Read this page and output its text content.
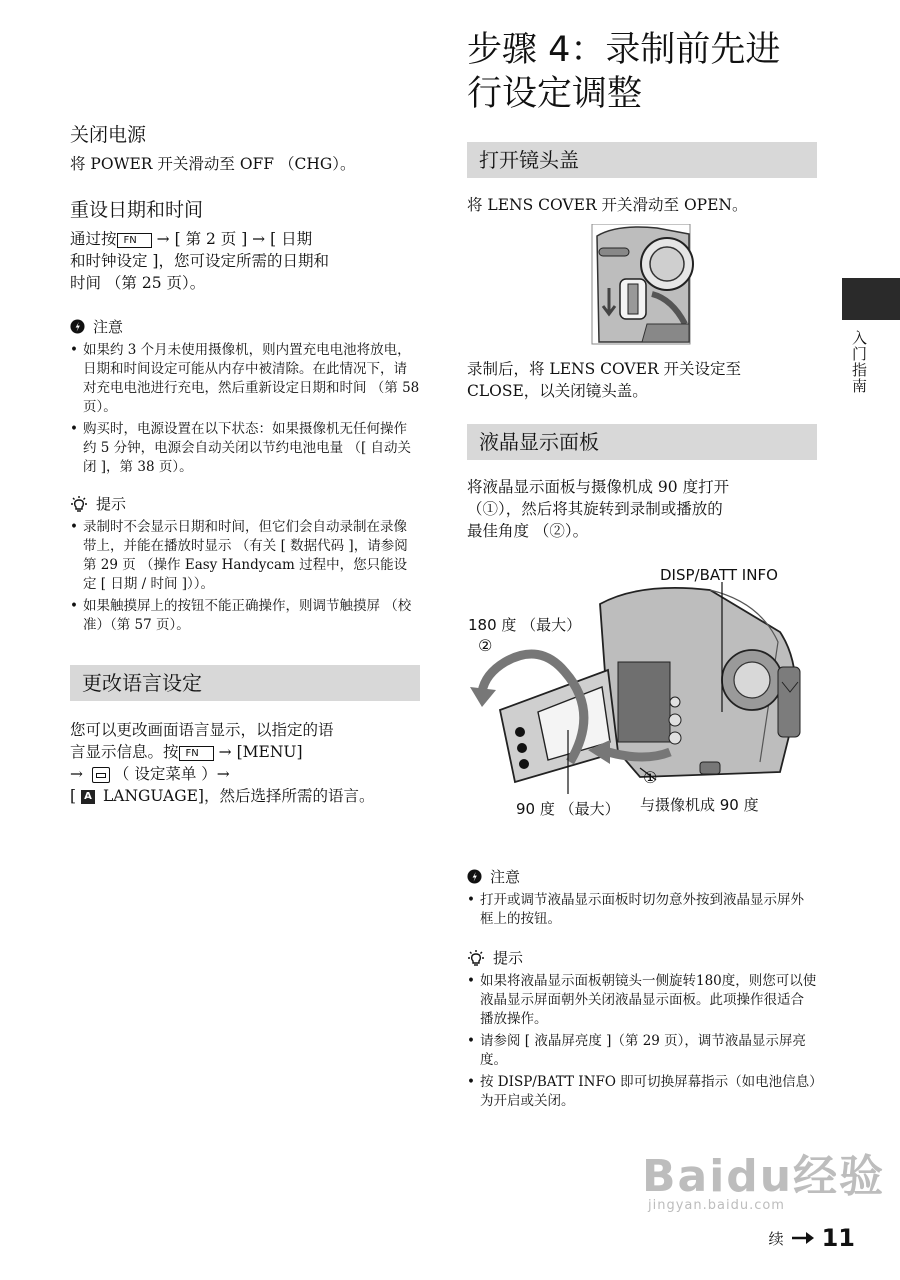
关闭电源

将 POWER 开关滑动至 OFF （CHG）。

重设日期和时间

通过按 FN → [ 第 2 页 ] → [ 日期
和时钟设定 ]，您可设定所需的日期和
时间 （第 25 页）。

注意
• 如果约 3 个月未使用摄像机，则内置充电电池将放电，日期和时间设定可能从内存中被清除。在此情况下，请对充电电池进行充电，然后重新设定日期和时间 （第 58 页）。
• 购买时，电源设置在以下状态：如果摄像机无任何操作约 5 分钟，电源会自动关闭以节约电池电量 （[ 自动关闭 ]，第 38 页）。
提示
• 录制时不会显示日期和时间，但它们会自动录制在录像带上，并能在播放时显示 （有关 [ 数据代码 ]，请参阅第 29 页 （操作 Easy Handycam 过程中，您只能设定 [ 日期 / 时间 ]））。
• 如果触摸屏上的按钮不能正确操作，则调节触摸屏 （校准）（第 57 页）。
更改语言设定

您可以更改画面语言显示，以指定的语
言显示信息。按 FN → [MENU]
→ （ 设定菜单 ）→
[ A LANGUAGE]，然后选择所需的语言。

步骤 4：录制前先进
行设定调整
打开镜头盖

将 LENS COVER 开关滑动至 OPEN。

录制后，将 LENS COVER 开关设定至
CLOSE，以关闭镜头盖。

液晶显示面板

将液晶显示面板与摄像机成 90 度打开
（①），然后将其旋转到录制或播放的
最佳角度 （②）。

DISP/BATT INFO
180 度 （最大）
②
①
90 度 （最大） 与摄像机成 90 度
注意
• 打开或调节液晶显示面板时切勿意外按到液晶显示屏外框上的按钮。
提示
• 如果将液晶显示面板朝镜头一侧旋转180度，则您可以使液晶显示屏面朝外关闭液晶显示面板。此项操作很适合播放操作。
• 请参阅 [ 液晶屏亮度 ]（第 29 页），调节液晶显示屏亮度。
• 按 DISP/BATT INFO 即可切换屏幕指示（如电池信息）为开启或关闭。
入门指南
Baidu经验
jingyan.baidu.com
续 11
